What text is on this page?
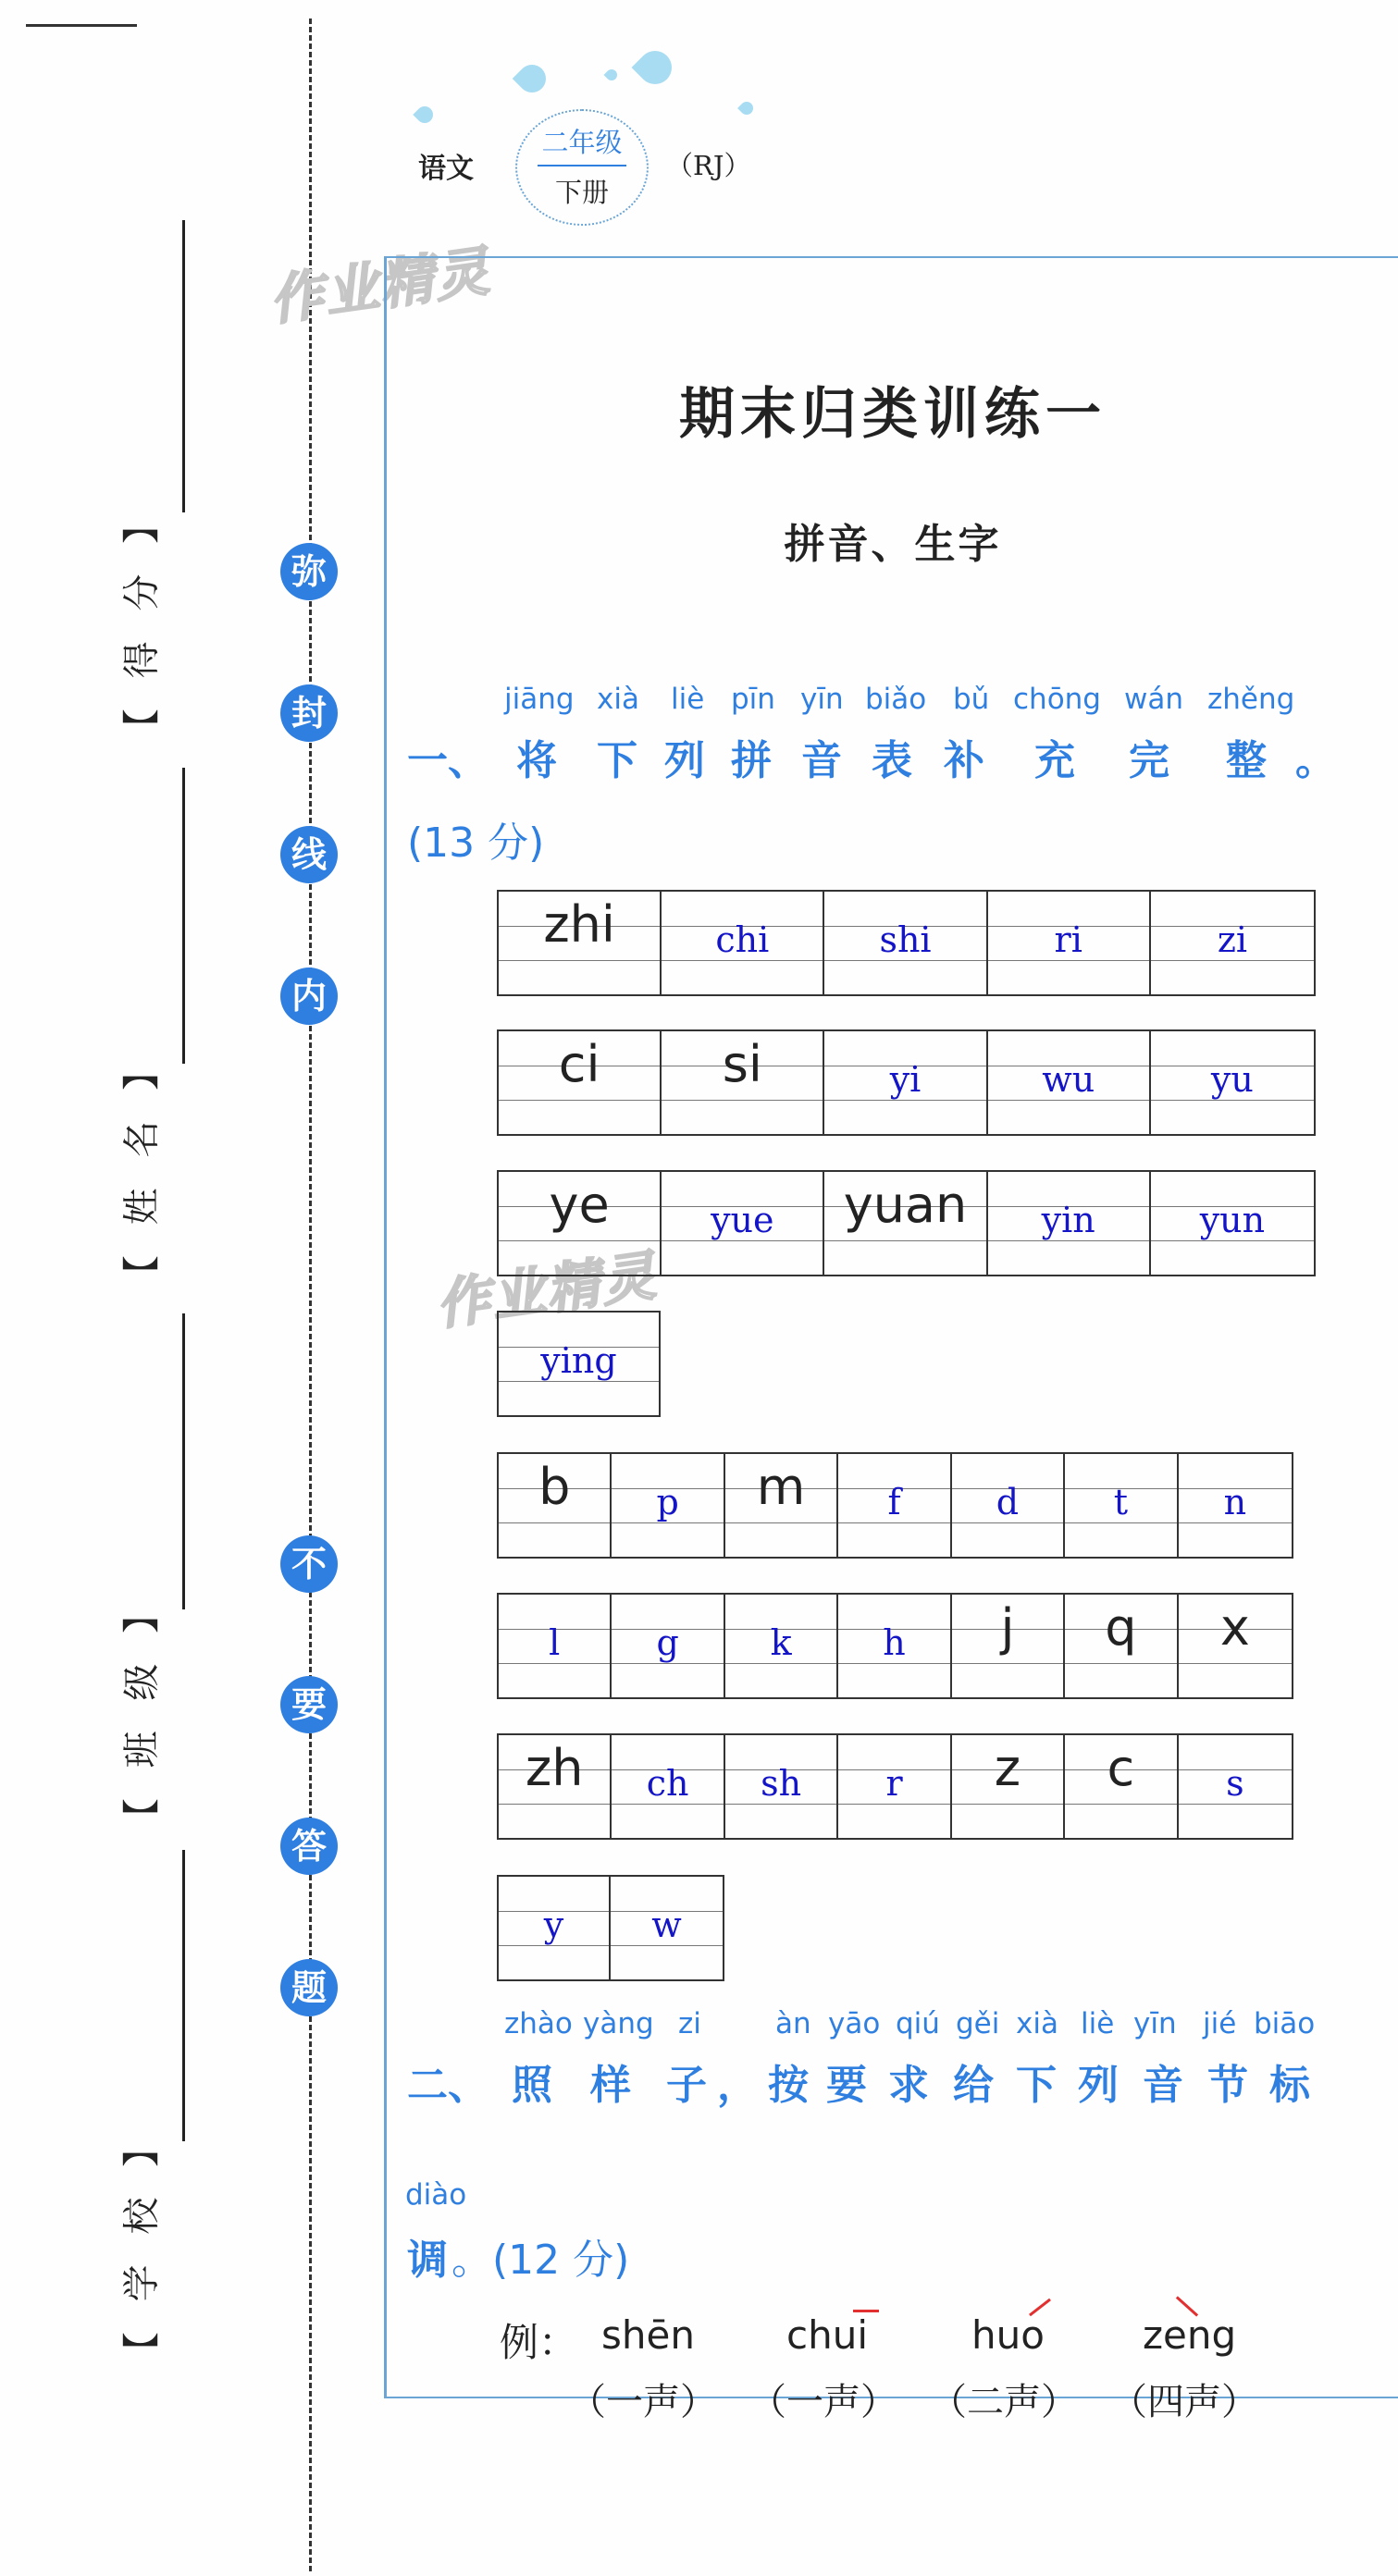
弥
封
线
内
不
要
答
题
【 得 分 】
【 姓 名 】
【 班 级 】
【 学 校 】
语文
二年级
下册
（RJ）
作业精灵
作业精灵
期末归类训练一
拼音、生字
jiāng xià liè pīn yīn biǎo bǔ chōng wán zhěng
一、 将 下 列 拼 音 表 补 充 完 整 。
(13 分)
zhi	chi	shi	ri	zi
ci	si	yi	wu	yu
ye	yue	yuan	yin	yun
ying
b	p	m	f	d	t	n
l	g	k	h	j	q	x
zh	ch	sh	r	z	c	s
y	w
zhào yàng zi	àn yāo qiú gěi xià liè yīn jié biāo
二、 照 样 子 ， 按 要 求 给 下 列 音 节 标
diào
调 。(12 分)
例： shēn chui	huo	zeng
（一声） （一声） （二声） （四声）
